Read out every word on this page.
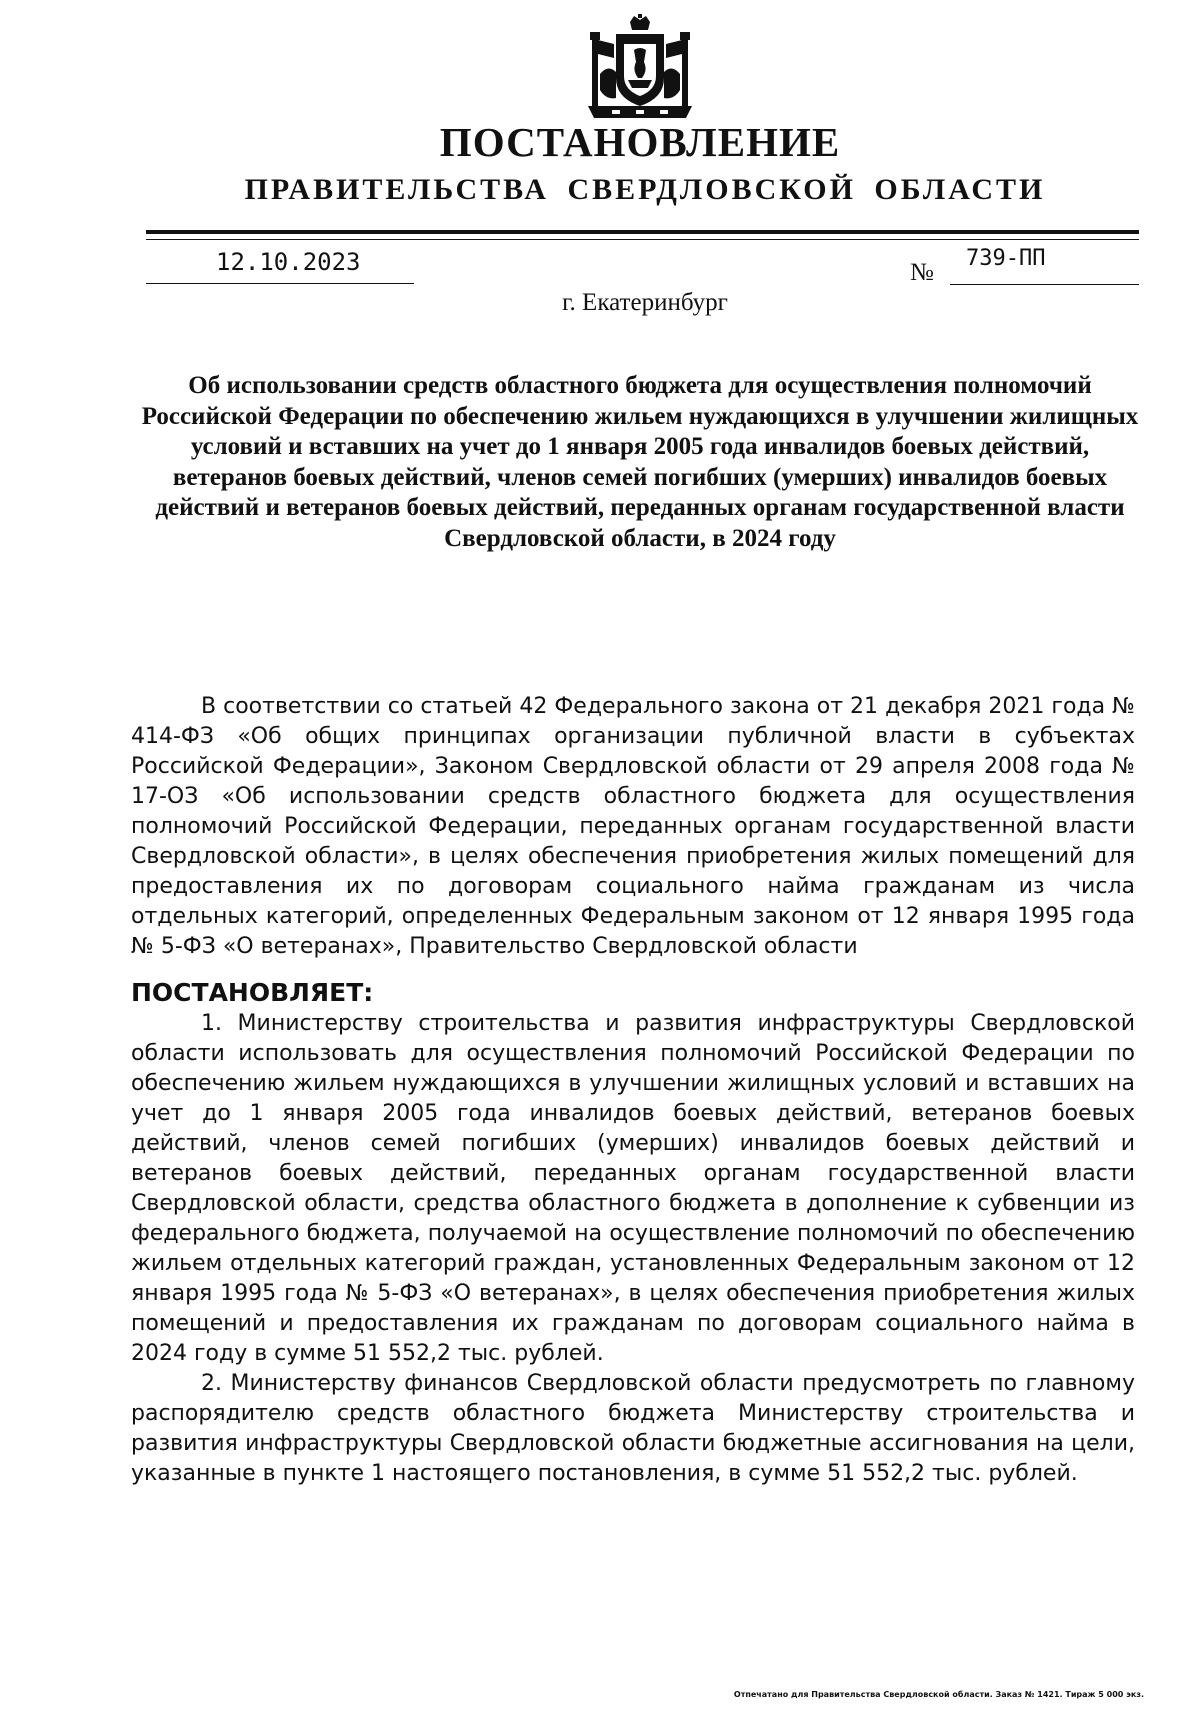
ПОСТАНОВЛЕНИЕ
ПРАВИТЕЛЬСТВА СВЕРДЛОВСКОЙ ОБЛАСТИ
12.10.2023	№
739-ПП
г. Екатеринбург
Об использовании средств областного бюджета для осуществления полномочий Российской Федерации по обеспечению жильем нуждающихся в улучшении жилищных условий и вставших на учет до 1 января 2005 года инвалидов боевых действий, ветеранов боевых действий, членов семей погибших (умерших) инвалидов боевых действий и ветеранов боевых действий, переданных органам государственной власти Свердловской области, в 2024 году

В соответствии со статьей 42 Федерального закона от 21 декабря 2021 года № 414-ФЗ «Об общих принципах организации публичной власти в субъектах Российской Федерации», Законом Свердловской области от 29 апреля 2008 года № 17-ОЗ «Об использовании средств областного бюджета для осуществления полномочий Российской Федерации, переданных органам государственной власти Свердловской области», в целях обеспечения приобретения жилых помещений для предоставления их по договорам социального найма гражданам из числа отдельных категорий, определенных Федеральным законом от 12 января 1995 года № 5-ФЗ «О ветеранах», Правительство Свердловской области

ПОСТАНОВЛЯЕТ:

1. Министерству строительства и развития инфраструктуры Свердловской области использовать для осуществления полномочий Российской Федерации по обеспечению жильем нуждающихся в улучшении жилищных условий и вставших на учет до 1 января 2005 года инвалидов боевых действий, ветеранов боевых действий, членов семей погибших (умерших) инвалидов боевых действий и ветеранов боевых действий, переданных органам государственной власти Свердловской области, средства областного бюджета в дополнение к субвенции из федерального бюджета, получаемой на осуществление полномочий по обеспечению жильем отдельных категорий граждан, установленных Федеральным законом от 12 января 1995 года № 5-ФЗ «О ветеранах», в целях обеспечения приобретения жилых помещений и предоставления их гражданам по договорам социального найма в 2024 году в сумме 51 552,2 тыс. рублей.

2. Министерству финансов Свердловской области предусмотреть по главному распорядителю средств областного бюджета Министерству строительства и развития инфраструктуры Свердловской области бюджетные ассигнования на цели, указанные в пункте 1 настоящего постановления, в сумме 51 552,2 тыс. рублей.

Отпечатано для Правительства Свердловской области. Заказ № 1421. Тираж 5 000 экз.
